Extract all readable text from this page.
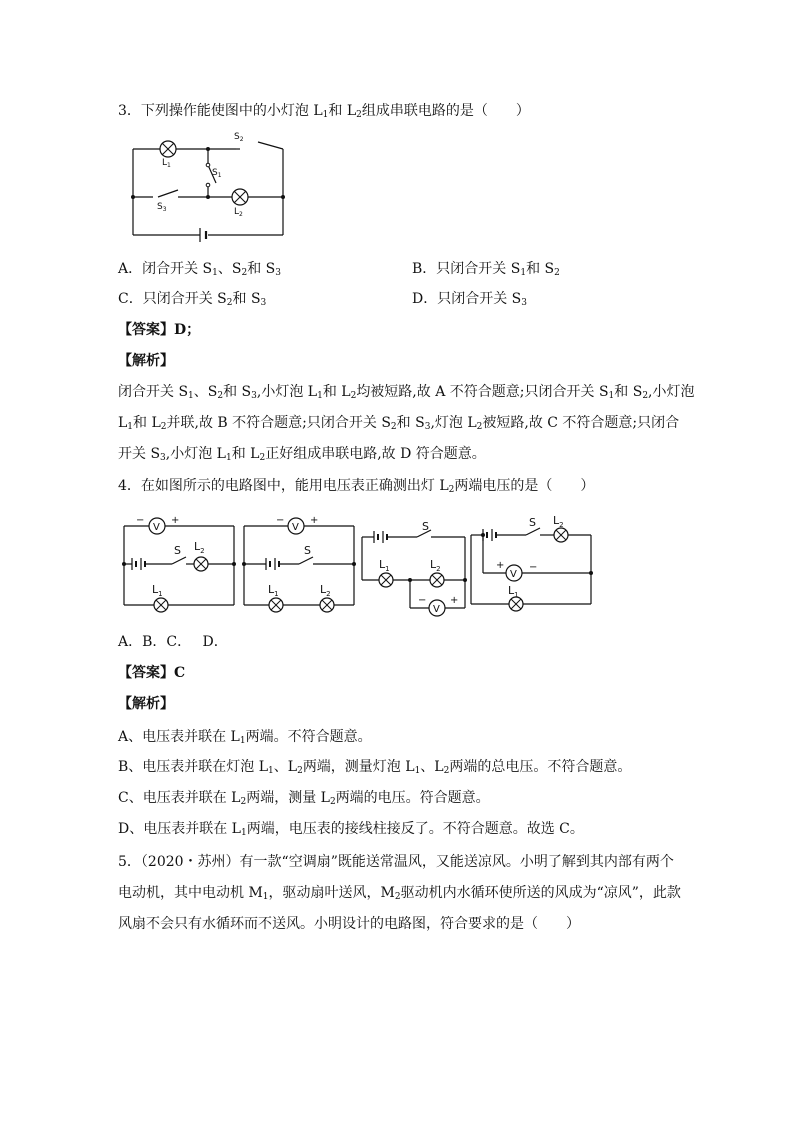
3．下列操作能使图中的小灯泡 $L_1$和 $L_2$组成串联电路的是（　　）
$L_1$
$S_2$
$S_1$
$S_3$	$L_2$
A．闭合开关 $S_1$、$S_2$和 $S_3$	B．只闭合开关 $S_1$和 $S_2$
C．只闭合开关 $S_2$和 $S_3$	D．只闭合开关 $S_3$
【答案】D；
【解析】
闭合开关 $S_1$、$S_2$和 $S_3$,小灯泡 $L_1$和 $L_2$均被短路,故 A 不符合题意;只闭合开关 $S_1$和 $S_2$,小灯泡
$L_1$和 $L_2$并联,故 B 不符合题意;只闭合开关 $S_2$和 $S_3$,灯泡 $L_2$被短路,故 C 不符合题意;只闭合
开关 $S_3$,小灯泡 $L_1$和 $L_2$正好组成串联电路,故 D 符合题意。
4．在如图所示的电路图中，能用电压表正确测出灯 $L_2$两端电压的是（　　）
V
−	+
S $L_2$
$L_1$
V
−	+
S
$L_1$	$L_2$
S
$L_1$	$L_2$
V
− +
S $L_2$
V
+ −
$L_1$
A．B．C．　 D．
【答案】C
【解析】
A、电压表并联在 $L_1$两端。不符合题意。
B、电压表并联在灯泡 $L_1$、$L_2$两端，测量灯泡 $L_1$、$L_2$两端的总电压。不符合题意。
C、电压表并联在 $L_2$两端，测量 $L_2$两端的电压。符合题意。
D、电压表并联在 $L_1$两端，电压表的接线柱接反了。不符合题意。故选 C。
5．（2020・苏州）有一款“空调扇”既能送常温风，又能送凉风。小明了解到其内部有两个
电动机，其中电动机 $M_1$，驱动扇叶送风，$M_2$驱动机内水循环使所送的风成为“凉风”，此款
风扇不会只有水循环而不送风。小明设计的电路图，符合要求的是（　　）
